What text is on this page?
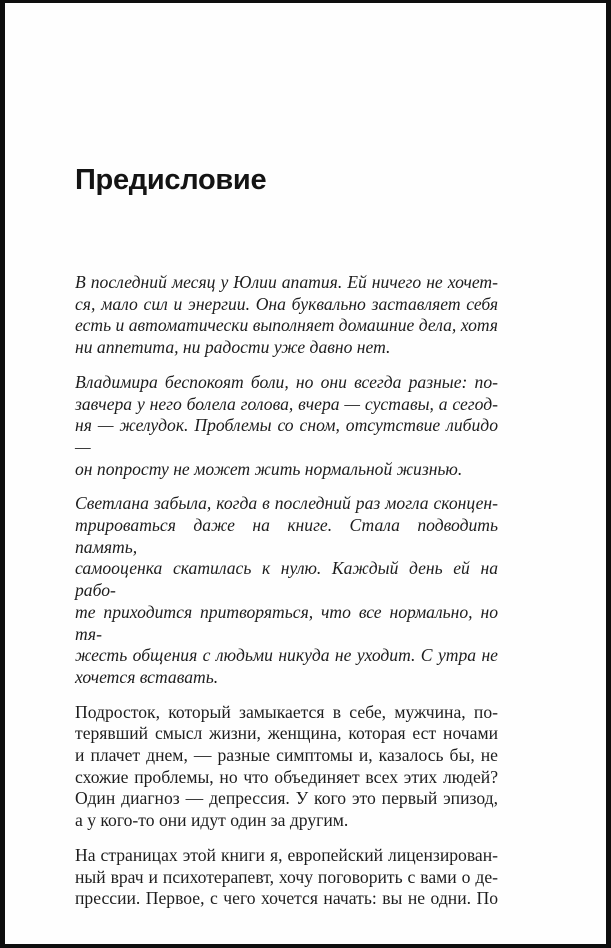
Предисловие
В последний месяц у Юлии апатия. Ей ничего не хочет-
ся, мало сил и энергии. Она буквально заставляет себя
есть и автоматически выполняет домашние дела, хотя
ни аппетита, ни радости уже давно нет.
Владимира беспокоят боли, но они всегда разные: по-
завчера у него болела голова, вчера — суставы, а сегод-
ня — желудок. Проблемы со сном, отсутствие либидо —
он попросту не может жить нормальной жизнью.
Светлана забыла, когда в последний раз могла сконцен-
трироваться даже на книге. Стала подводить память,
самооценка скатилась к нулю. Каждый день ей на рабо-
те приходится притворяться, что все нормально, но тя-
жесть общения с людьми никуда не уходит. С утра не
хочется вставать.
Подросток, который замыкается в себе, мужчина, по-
терявший смысл жизни, женщина, которая ест ночами
и плачет днем, — разные симптомы и, казалось бы, не
схожие проблемы, но что объединяет всех этих людей?
Один диагноз — депрессия. У кого это первый эпизод,
а у кого-то они идут один за другим.
На страницах этой книги я, европейский лицензирован-
ный врач и психотерапевт, хочу поговорить с вами о де-
прессии. Первое, с чего хочется начать: вы не одни. По
